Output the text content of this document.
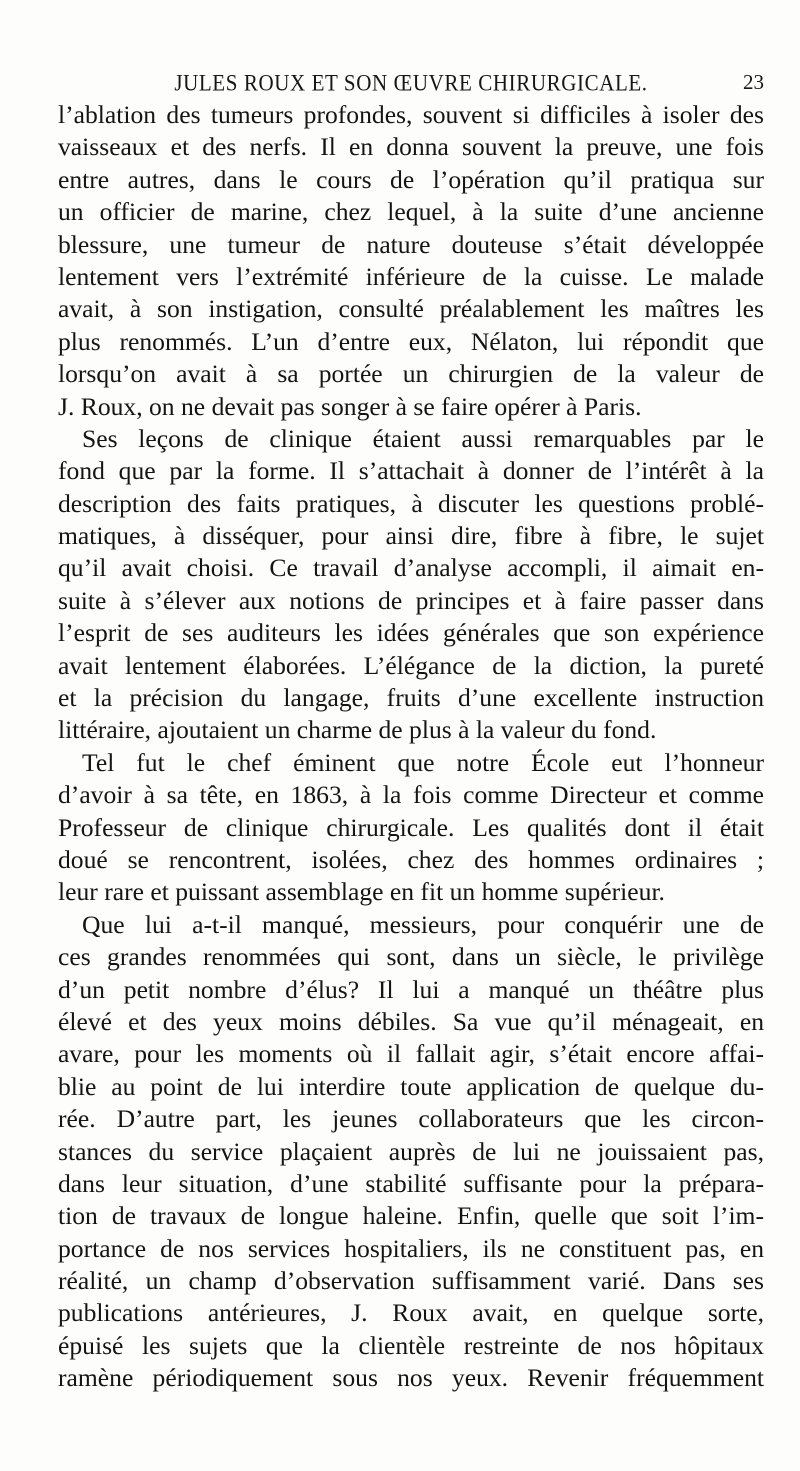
JULES ROUX ET SON ŒUVRE CHIRURGICALE.	23
l’ablation des tumeurs profondes, souvent si difficiles à isoler des
vaisseaux et des nerfs. Il en donna souvent la preuve, une fois
entre autres, dans le cours de l’opération qu’il pratiqua sur
un officier de marine, chez lequel, à la suite d’une ancienne
blessure, une tumeur de nature douteuse s’était développée
lentement vers l’extrémité inférieure de la cuisse. Le malade
avait, à son instigation, consulté préalablement les maîtres les
plus renommés. L’un d’entre eux, Nélaton, lui répondit que
lorsqu’on avait à sa portée un chirurgien de la valeur de
J. Roux, on ne devait pas songer à se faire opérer à Paris.
Ses leçons de clinique étaient aussi remarquables par le
fond que par la forme. Il s’attachait à donner de l’intérêt à la
description des faits pratiques, à discuter les questions problé-
matiques, à disséquer, pour ainsi dire, fibre à fibre, le sujet
qu’il avait choisi. Ce travail d’analyse accompli, il aimait en-
suite à s’élever aux notions de principes et à faire passer dans
l’esprit de ses auditeurs les idées générales que son expérience
avait lentement élaborées. L’élégance de la diction, la pureté
et la précision du langage, fruits d’une excellente instruction
littéraire, ajoutaient un charme de plus à la valeur du fond.
Tel fut le chef éminent que notre École eut l’honneur
d’avoir à sa tête, en 1863, à la fois comme Directeur et comme
Professeur de clinique chirurgicale. Les qualités dont il était
doué se rencontrent, isolées, chez des hommes ordinaires ;
leur rare et puissant assemblage en fit un homme supérieur.
Que lui a-t-il manqué, messieurs, pour conquérir une de
ces grandes renommées qui sont, dans un siècle, le privilège
d’un petit nombre d’élus? Il lui a manqué un théâtre plus
élevé et des yeux moins débiles. Sa vue qu’il ménageait, en
avare, pour les moments où il fallait agir, s’était encore affai-
blie au point de lui interdire toute application de quelque du-
rée. D’autre part, les jeunes collaborateurs que les circon-
stances du service plaçaient auprès de lui ne jouissaient pas,
dans leur situation, d’une stabilité suffisante pour la prépara-
tion de travaux de longue haleine. Enfin, quelle que soit l’im-
portance de nos services hospitaliers, ils ne constituent pas, en
réalité, un champ d’observation suffisamment varié. Dans ses
publications antérieures, J. Roux avait, en quelque sorte,
épuisé les sujets que la clientèle restreinte de nos hôpitaux
ramène périodiquement sous nos yeux. Revenir fréquemment
